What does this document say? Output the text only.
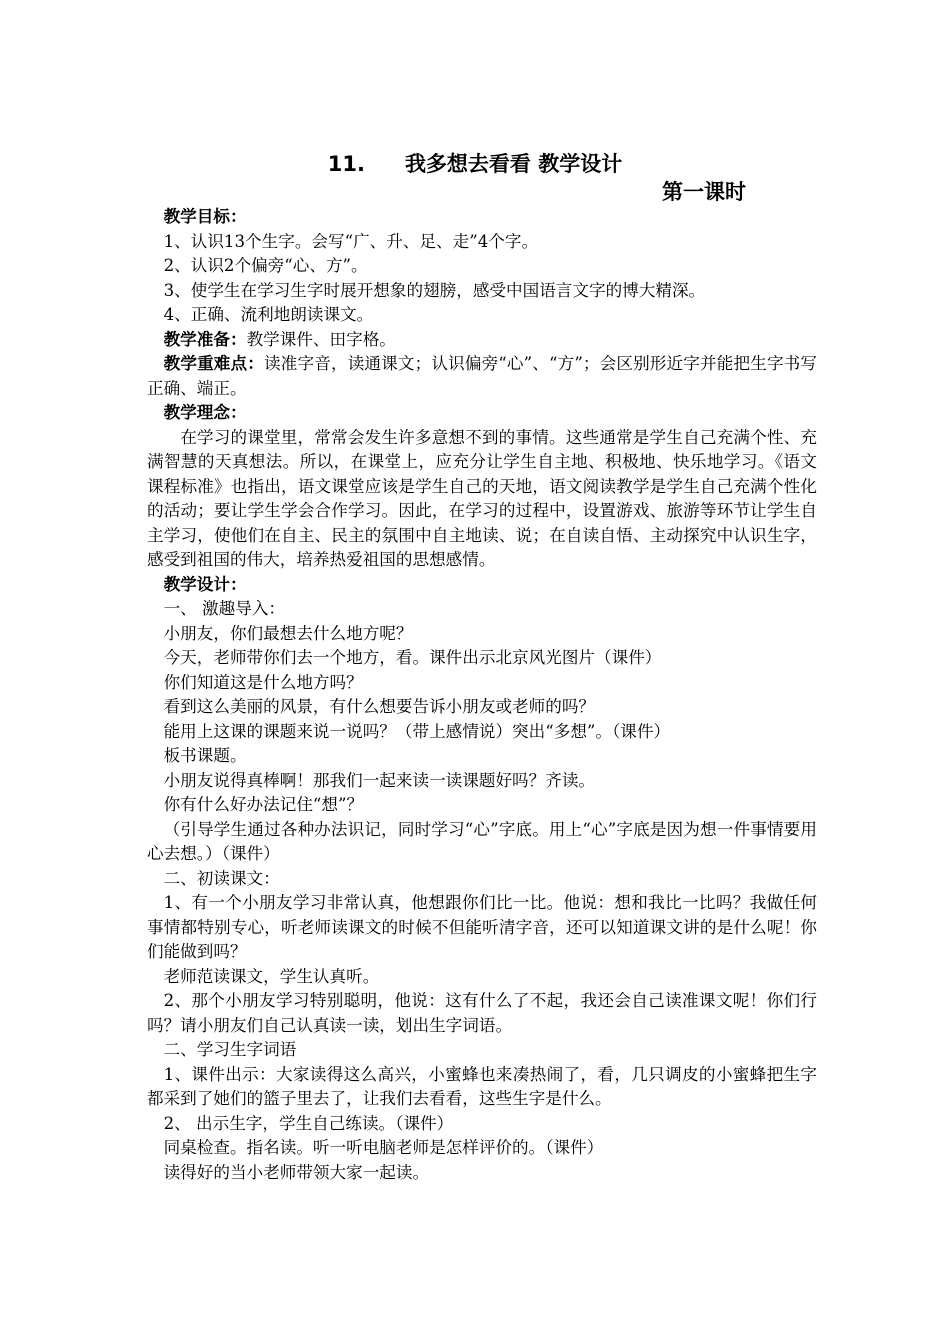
11. 我多想去看看 教学设计
第一课时

教学目标：

1、认识13个生字。会写“广、升、足、走”4个字。

2、认识2个偏旁“心、方”。

3、使学生在学习生字时展开想象的翅膀，感受中国语言文字的博大精深。

4、正确、流利地朗读课文。

教学准备：教学课件、田字格。

教学重难点：读准字音，读通课文；认识偏旁“心”、“方”；会区别形近字并能把生字书写正确、端正。

教学理念：

在学习的课堂里，常常会发生许多意想不到的事情。这些通常是学生自己充满个性、充满智慧的天真想法。所以，在课堂上，应充分让学生自主地、积极地、快乐地学习。《语文课程标准》也指出，语文课堂应该是学生自己的天地，语文阅读教学是学生自己充满个性化的活动；要让学生学会合作学习。因此，在学习的过程中，设置游戏、旅游等环节让学生自主学习，使他们在自主、民主的氛围中自主地读、说；在自读自悟、主动探究中认识生字，感受到祖国的伟大，培养热爱祖国的思想感情。

教学设计：

一、 激趣导入：

小朋友，你们最想去什么地方呢？

今天，老师带你们去一个地方，看。课件出示北京风光图片（课件）

你们知道这是什么地方吗？

看到这么美丽的风景，有什么想要告诉小朋友或老师的吗？

能用上这课的课题来说一说吗？（带上感情说）突出“多想”。（课件）

板书课题。

小朋友说得真棒啊！那我们一起来读一读课题好吗？齐读。

你有什么好办法记住“想”？

（引导学生通过各种办法识记，同时学习“心”字底。用上“心”字底是因为想一件事情要用心去想。）（课件）

二、初读课文：

1、有一个小朋友学习非常认真，他想跟你们比一比。他说：想和我比一比吗？我做任何事情都特别专心，听老师读课文的时候不但能听清字音，还可以知道课文讲的是什么呢！你们能做到吗？

老师范读课文，学生认真听。

2、那个小朋友学习特别聪明，他说：这有什么了不起，我还会自己读准课文呢！你们行吗？请小朋友们自己认真读一读，划出生字词语。

二、学习生字词语

1、课件出示：大家读得这么高兴，小蜜蜂也来凑热闹了，看，几只调皮的小蜜蜂把生字都采到了她们的篮子里去了，让我们去看看，这些生字是什么。

2、 出示生字，学生自己练读。（课件）

同桌检查。指名读。听一听电脑老师是怎样评价的。（课件）

读得好的当小老师带领大家一起读。
